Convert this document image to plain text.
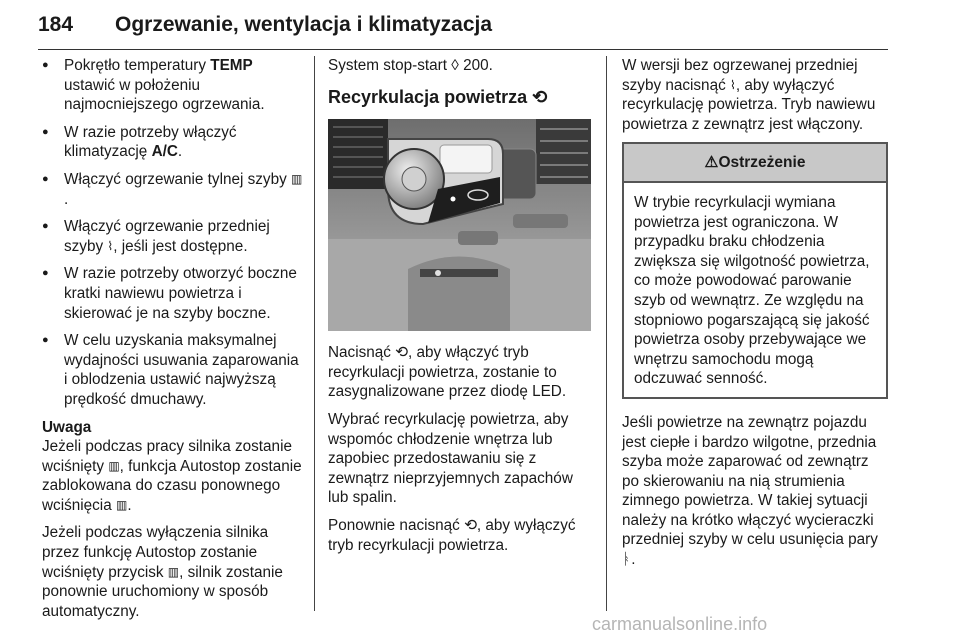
184 Ogrzewanie, wentylacja i klimatyzacja
● Pokrętło temperatury TEMP ustawić w położeniu najmocniejszego ogrzewania.
● W razie potrzeby włączyć klimatyzację A/C.
● Włączyć ogrzewanie tylnej szyby ▥.
● Włączyć ogrzewanie przedniej szyby ⌇, jeśli jest dostępne.
● W razie potrzeby otworzyć boczne kratki nawiewu powietrza i skierować je na szyby boczne.
● W celu uzyskania maksymalnej wydajności usuwania zaparowania i oblodzenia ustawić najwyższą prędkość dmuchawy.
Uwaga

Jeżeli podczas pracy silnika zostanie wciśnięty ▥, funkcja Autostop zostanie zablokowana do czasu ponownego wciśnięcia ▥.

Jeżeli podczas wyłączenia silnika przez funkcję Autostop zostanie wciśnięty przycisk ▥, silnik zostanie ponownie uruchomiony w sposób automatyczny.

System stop-start ◊ 200.

Recyrkulacja powietrza ⟲

Nacisnąć ⟲, aby włączyć tryb recyrkulacji powietrza, zostanie to zasygnalizowane przez diodę LED.

Wybrać recyrkulację powietrza, aby wspomóc chłodzenie wnętrza lub zapobiec przedostawaniu się z zewnątrz nieprzyjemnych zapachów lub spalin.

Ponownie nacisnąć ⟲, aby wyłączyć tryb recyrkulacji powietrza.

W wersji bez ogrzewanej przedniej szyby nacisnąć ⌇, aby wyłączyć recyrkulację powietrza. Tryb nawiewu powietrza z zewnątrz jest włączony.

⚠Ostrzeżenie
W trybie recyrkulacji wymiana powietrza jest ograniczona. W przypadku braku chłodzenia zwiększa się wilgotność powietrza, co może powodować parowanie szyb od wewnątrz. Ze względu na stopniowo pogarszającą się jakość powietrza osoby przebywające we wnętrzu samochodu mogą odczuwać senność.

Jeśli powietrze na zewnątrz pojazdu jest ciepłe i bardzo wilgotne, przednia szyba może zaparować od zewnątrz po skierowaniu na nią strumienia zimnego powietrza. W takiej sytuacji należy na krótko włączyć wycieraczki przedniej szyby w celu usunięcia pary ᚭ.

carmanualsonline.info
